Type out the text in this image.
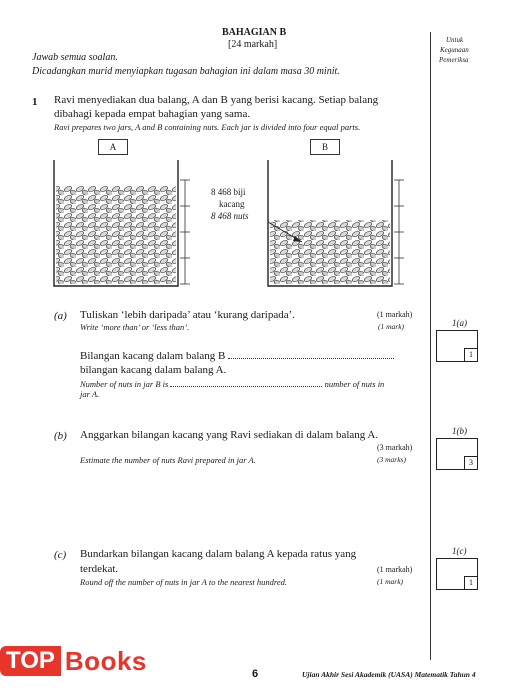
BAHAGIAN B
[24 markah]
Jawab semua soalan.
Dicadangkan murid menyiapkan tugasan bahagian ini dalam masa 30 minit.
Untuk
Kegunaan
Pemeriksa
1 Ravi menyediakan dua balang, A dan B yang berisi kacang. Setiap balang
dibahagi kepada empat bahagian yang sama.
Ravi prepares two jars, A and B containing nuts. Each jar is divided into four equal parts.
A	B
8 468 biji
kacang
8 468 nuts
(a) Tuliskan ‘lebih daripada’ atau ‘kurang daripada’.
Write ‘more than’ or ‘less than’.
(1 markah)
(1 mark)
Bilangan kacang dalam balang B
bilangan kacang dalam balang A.
Number of nuts in jar B is	number of nuts in
jar A.
1(a)
1
(b) Anggarkan bilangan kacang yang Ravi sediakan di dalam balang A.
(3 markah)
Estimate the number of nuts Ravi prepared in jar A.	(3 marks)
1(b)
3
(c) Bundarkan bilangan kacang dalam balang A kepada ratus yang
terdekat.	(1 markah)
Round off the number of nuts in jar A to the nearest hundred.	(1 mark)
1(c)
1
TOP Books	6	Ujian Akhir Sesi Akademik (UASA) Matematik Tahun 4
